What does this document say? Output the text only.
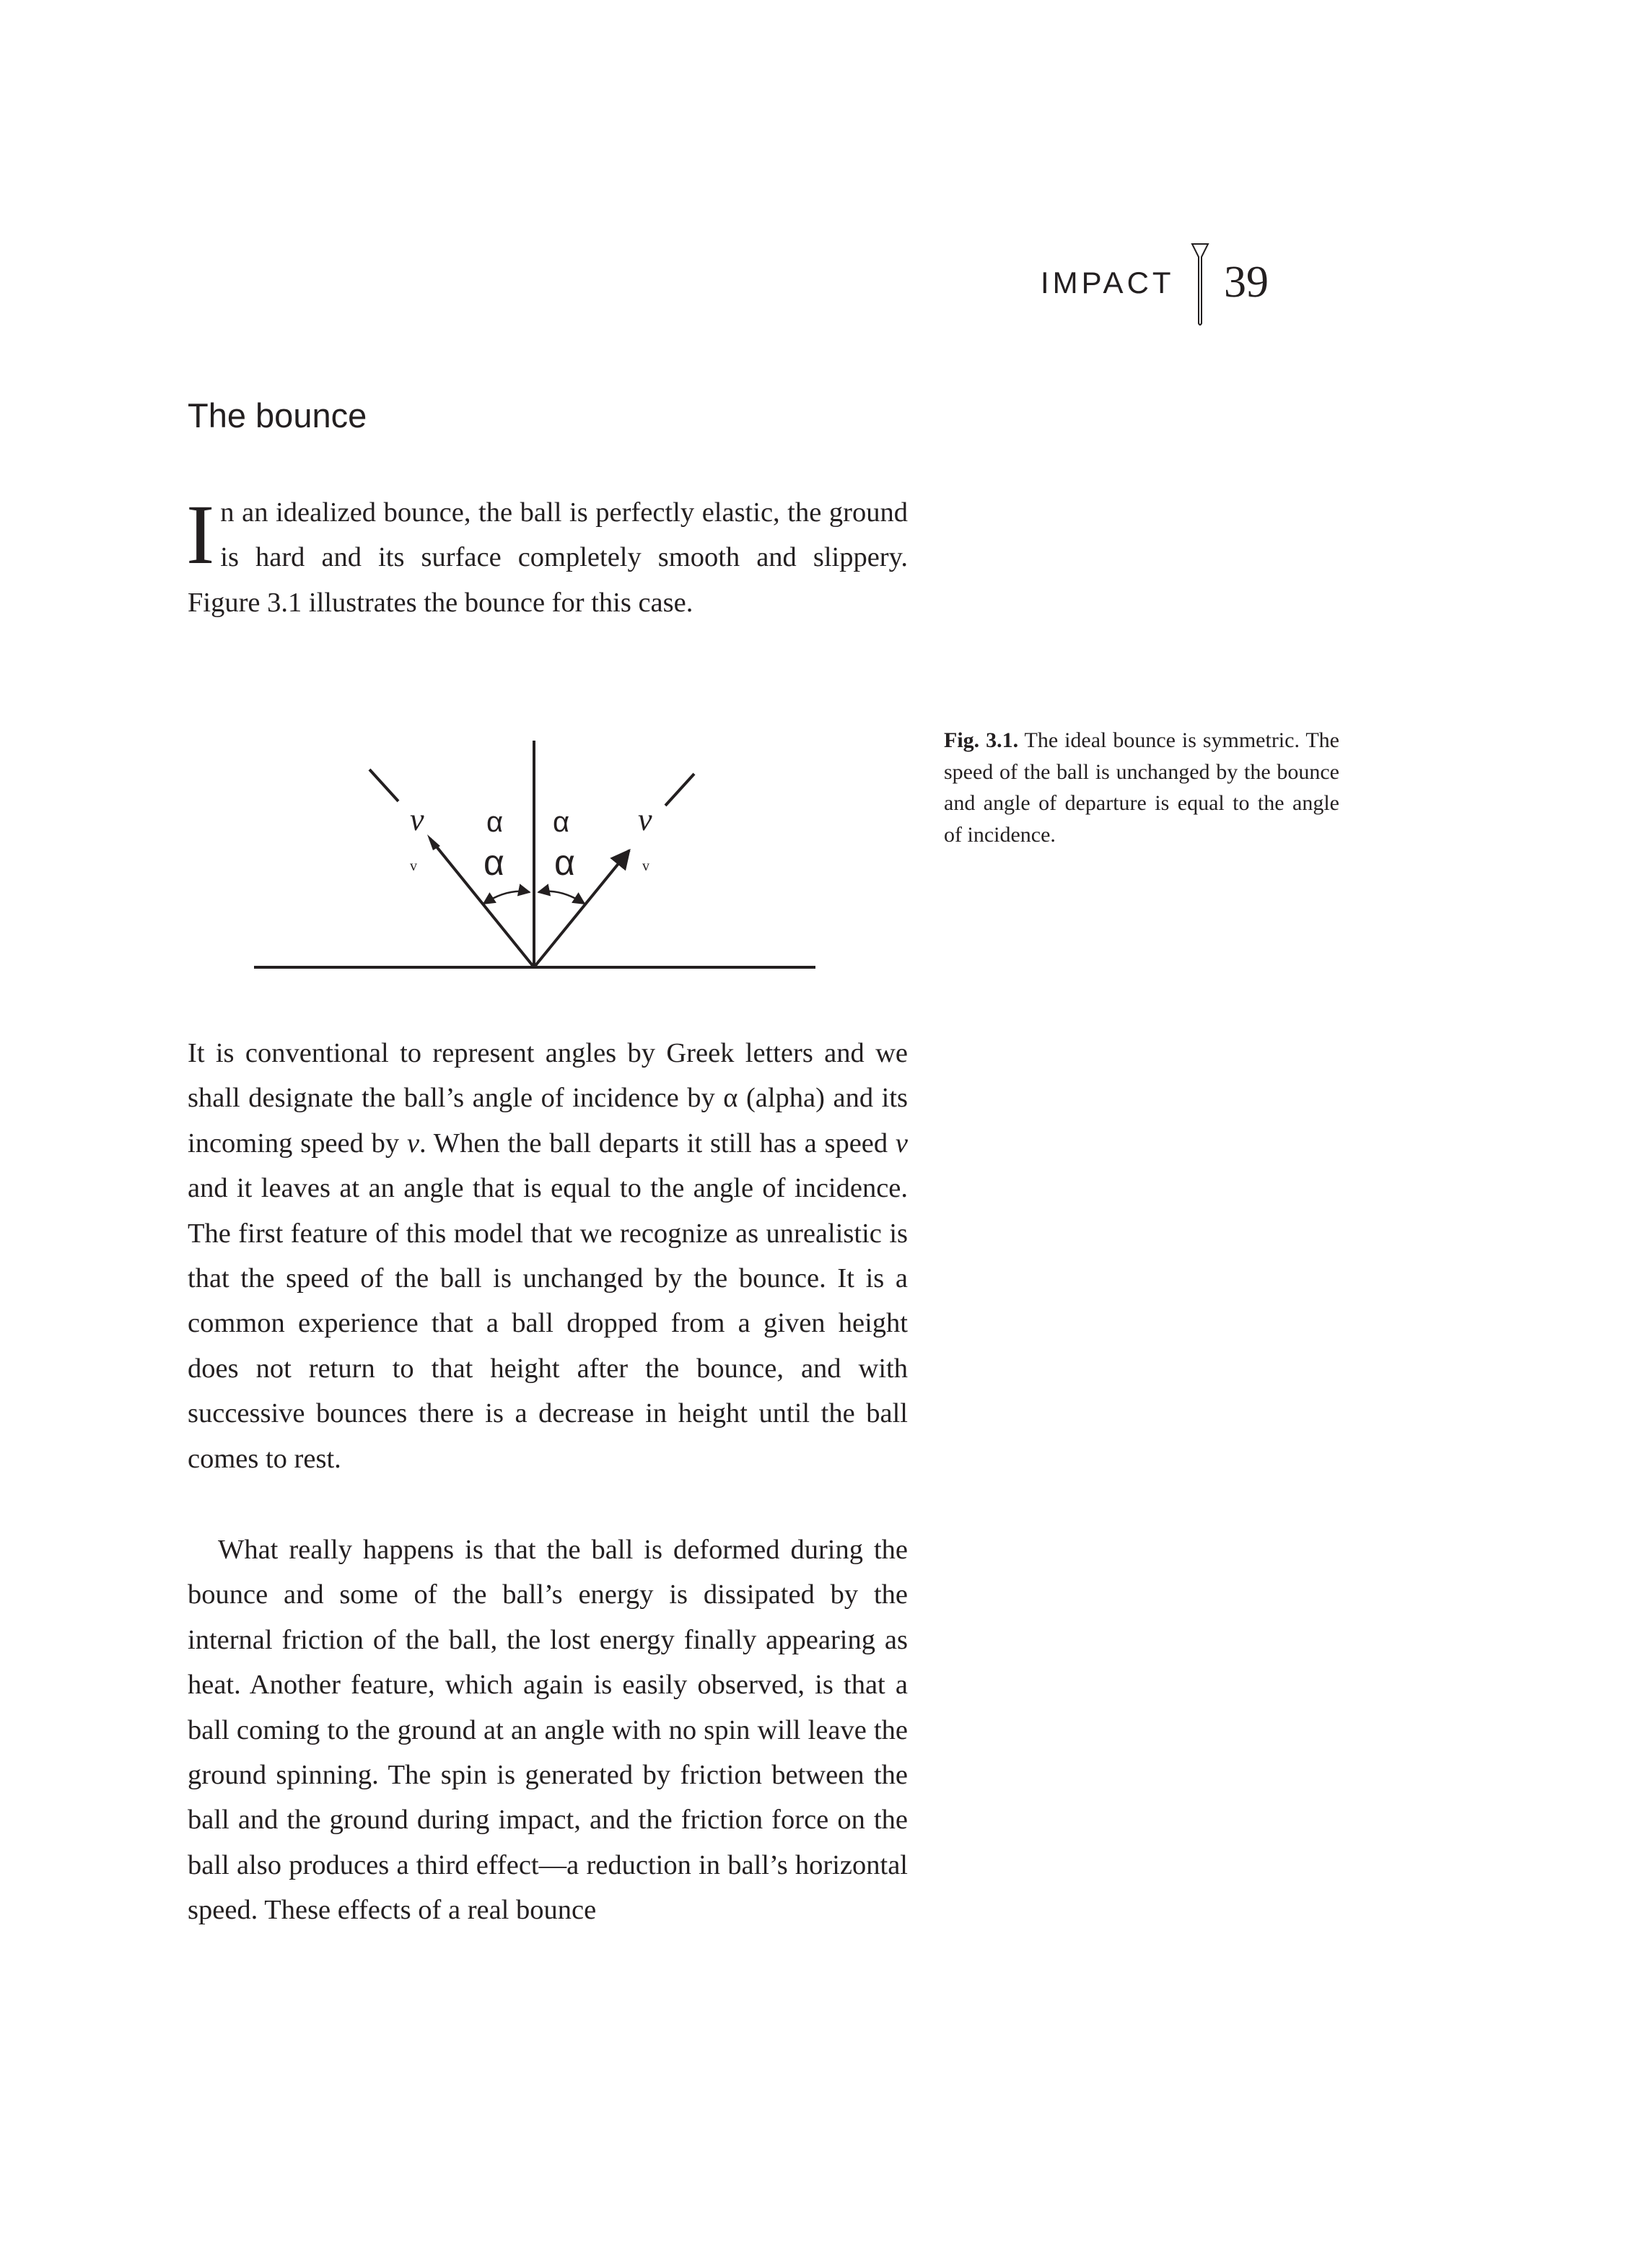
IMPACT 39
The bounce

In an idealized bounce, the ball is perfectly elastic, the ground is hard and its surface completely smooth and slippery. Figure 3.1 illustrates the bounce for this case.

v
v
α
α
α
α
v
v

Fig. 3.1. The ideal bounce is symmetric. The speed of the ball is unchanged by the bounce and angle of departure is equal to the angle of incidence.

It is conventional to represent angles by Greek letters and we shall designate the ball’s angle of incidence by α (alpha) and its incoming speed by v. When the ball departs it still has a speed v and it leaves at an angle that is equal to the angle of incidence. The first feature of this model that we recognize as unrealistic is that the speed of the ball is unchanged by the bounce. It is a common experience that a ball dropped from a given height does not return to that height after the bounce, and with successive bounces there is a decrease in height until the ball comes to rest.

What really happens is that the ball is deformed during the bounce and some of the ball’s energy is dissipated by the internal friction of the ball, the lost energy finally appearing as heat. Another feature, which again is easily observed, is that a ball coming to the ground at an angle with no spin will leave the ground spinning. The spin is generated by friction between the ball and the ground during impact, and the friction force on the ball also produces a third effect—a reduction in ball’s horizontal speed. These effects of a real bounce
